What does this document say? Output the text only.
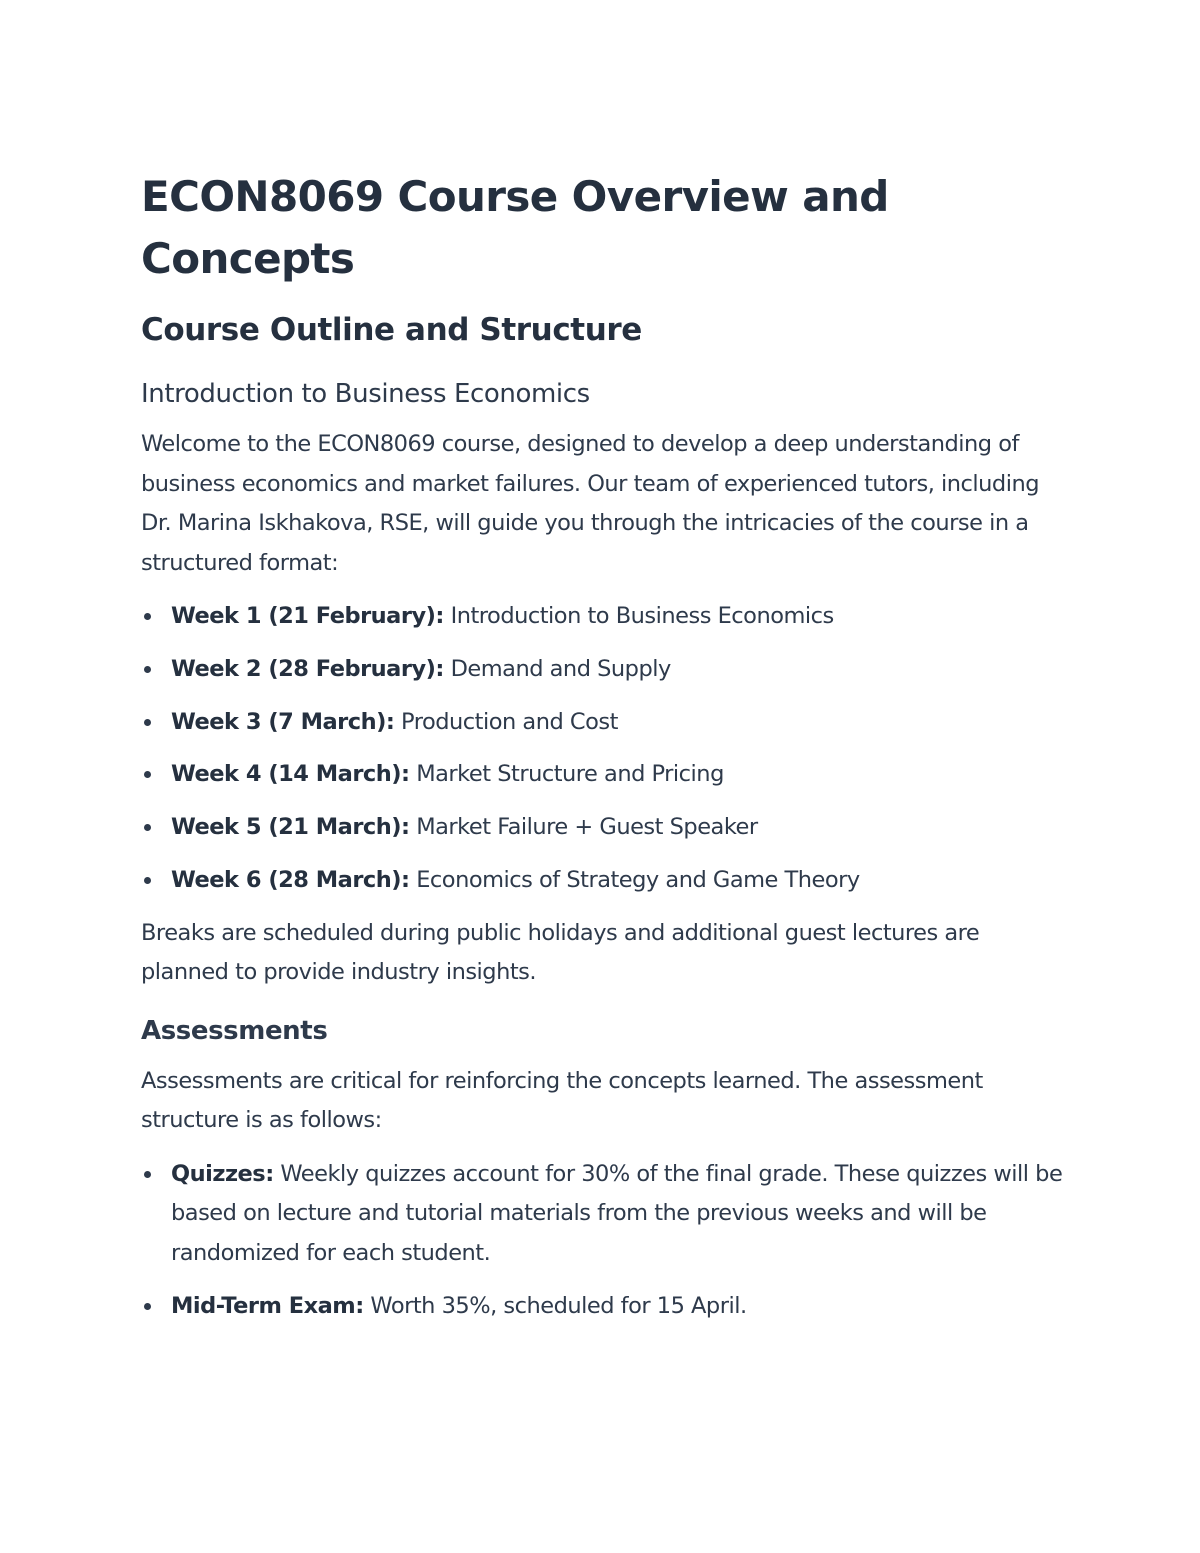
ECON8069 Course Overview and Concepts
Course Outline and Structure
Introduction to Business Economics

Welcome to the ECON8069 course, designed to develop a deep understanding of business economics and market failures. Our team of experienced tutors, including Dr. Marina Iskhakova, RSE, will guide you through the intricacies of the course in a structured format:

Week 1 (21 February): Introduction to Business Economics
Week 2 (28 February): Demand and Supply
Week 3 (7 March): Production and Cost
Week 4 (14 March): Market Structure and Pricing
Week 5 (21 March): Market Failure + Guest Speaker
Week 6 (28 March): Economics of Strategy and Game Theory

Breaks are scheduled during public holidays and additional guest lectures are planned to provide industry insights.

Assessments

Assessments are critical for reinforcing the concepts learned. The assessment structure is as follows:

Quizzes: Weekly quizzes account for 30% of the final grade. These quizzes will be based on lecture and tutorial materials from the previous weeks and will be randomized for each student.
Mid-Term Exam: Worth 35%, scheduled for 15 April.
